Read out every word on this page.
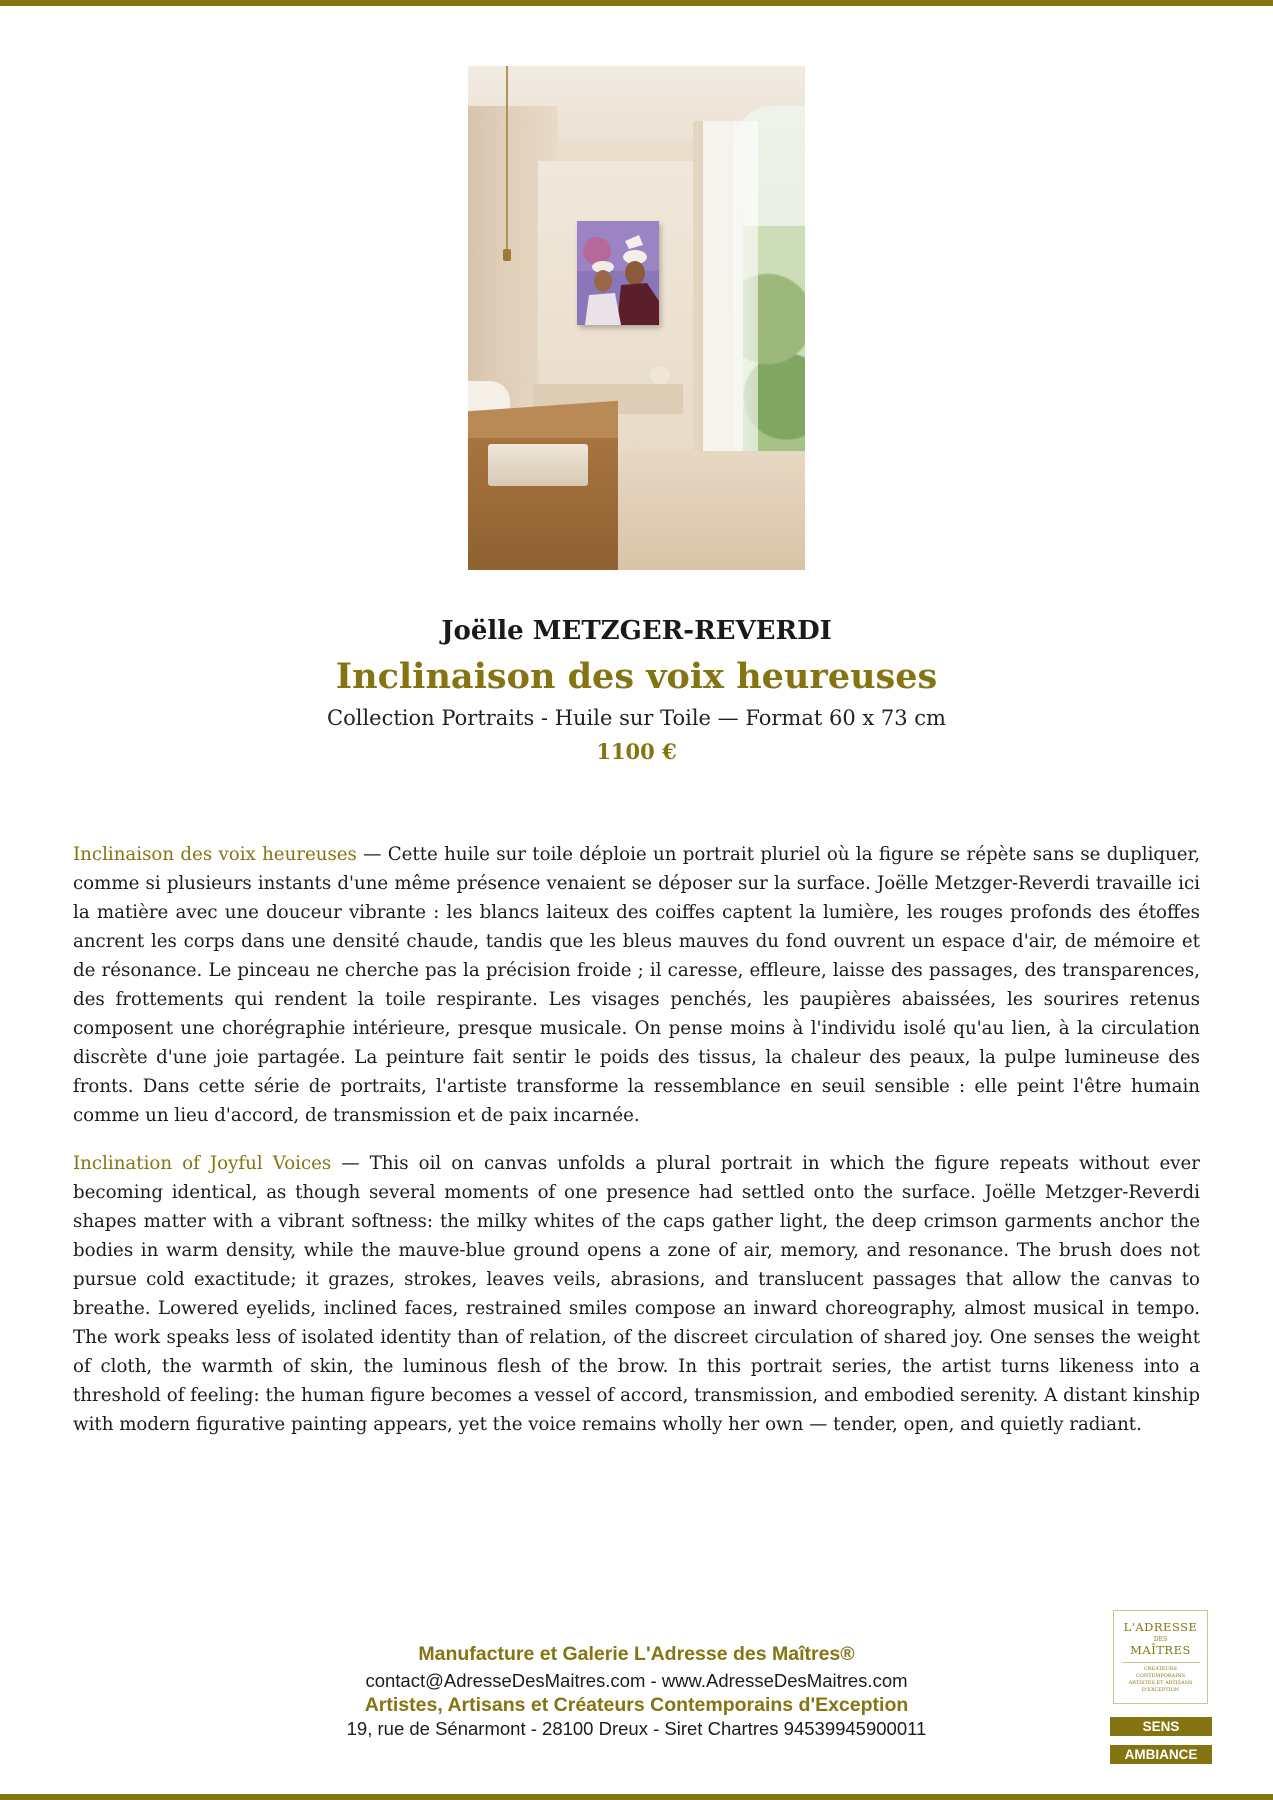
Joëlle METZGER-REVERDI
Inclinaison des voix heureuses
Collection Portraits - Huile sur Toile — Format 60 x 73 cm
1100 €

Inclinaison des voix heureuses — Cette huile sur toile déploie un portrait pluriel où la figure se répète sans se dupliquer, comme si plusieurs instants d'une même présence venaient se déposer sur la surface. Joëlle Metzger-Reverdi travaille ici la matière avec une douceur vibrante : les blancs laiteux des coiffes captent la lumière, les rouges profonds des étoffes ancrent les corps dans une densité chaude, tandis que les bleus mauves du fond ouvrent un espace d'air, de mémoire et de résonance. Le pinceau ne cherche pas la précision froide ; il caresse, effleure, laisse des passages, des transparences, des frottements qui rendent la toile respirante. Les visages penchés, les paupières abaissées, les sourires retenus composent une chorégraphie intérieure, presque musicale. On pense moins à l'individu isolé qu'au lien, à la circulation discrète d'une joie partagée. La peinture fait sentir le poids des tissus, la chaleur des peaux, la pulpe lumineuse des fronts. Dans cette série de portraits, l'artiste transforme la ressemblance en seuil sensible : elle peint l'être humain comme un lieu d'accord, de transmission et de paix incarnée.

Inclination of Joyful Voices — This oil on canvas unfolds a plural portrait in which the figure repeats without ever becoming identical, as though several moments of one presence had settled onto the surface. Joëlle Metzger-Reverdi shapes matter with a vibrant softness: the milky whites of the caps gather light, the deep crimson garments anchor the bodies in warm density, while the mauve-blue ground opens a zone of air, memory, and resonance. The brush does not pursue cold exactitude; it grazes, strokes, leaves veils, abrasions, and translucent passages that allow the canvas to breathe. Lowered eyelids, inclined faces, restrained smiles compose an inward choreography, almost musical in tempo. The work speaks less of isolated identity than of relation, of the discreet circulation of shared joy. One senses the weight of cloth, the warmth of skin, the luminous flesh of the brow. In this portrait series, the artist turns likeness into a threshold of feeling: the human figure becomes a vessel of accord, transmission, and embodied serenity. A distant kinship with modern figurative painting appears, yet the voice remains wholly her own — tender, open, and quietly radiant.

Manufacture et Galerie L'Adresse des Maîtres®
contact@AdresseDesMaitres.com - www.AdresseDesMaitres.com
Artistes, Artisans et Créateurs Contemporains d'Exception
19, rue de Sénarmont - 28100 Dreux - Siret Chartres 94539945900011
L'ADRESSE
DES
MAÎTRES
CRÉATEURS CONTEMPORAINS ARTISTES ET ARTISANS D'EXCEPTION
SENS
AMBIANCE
